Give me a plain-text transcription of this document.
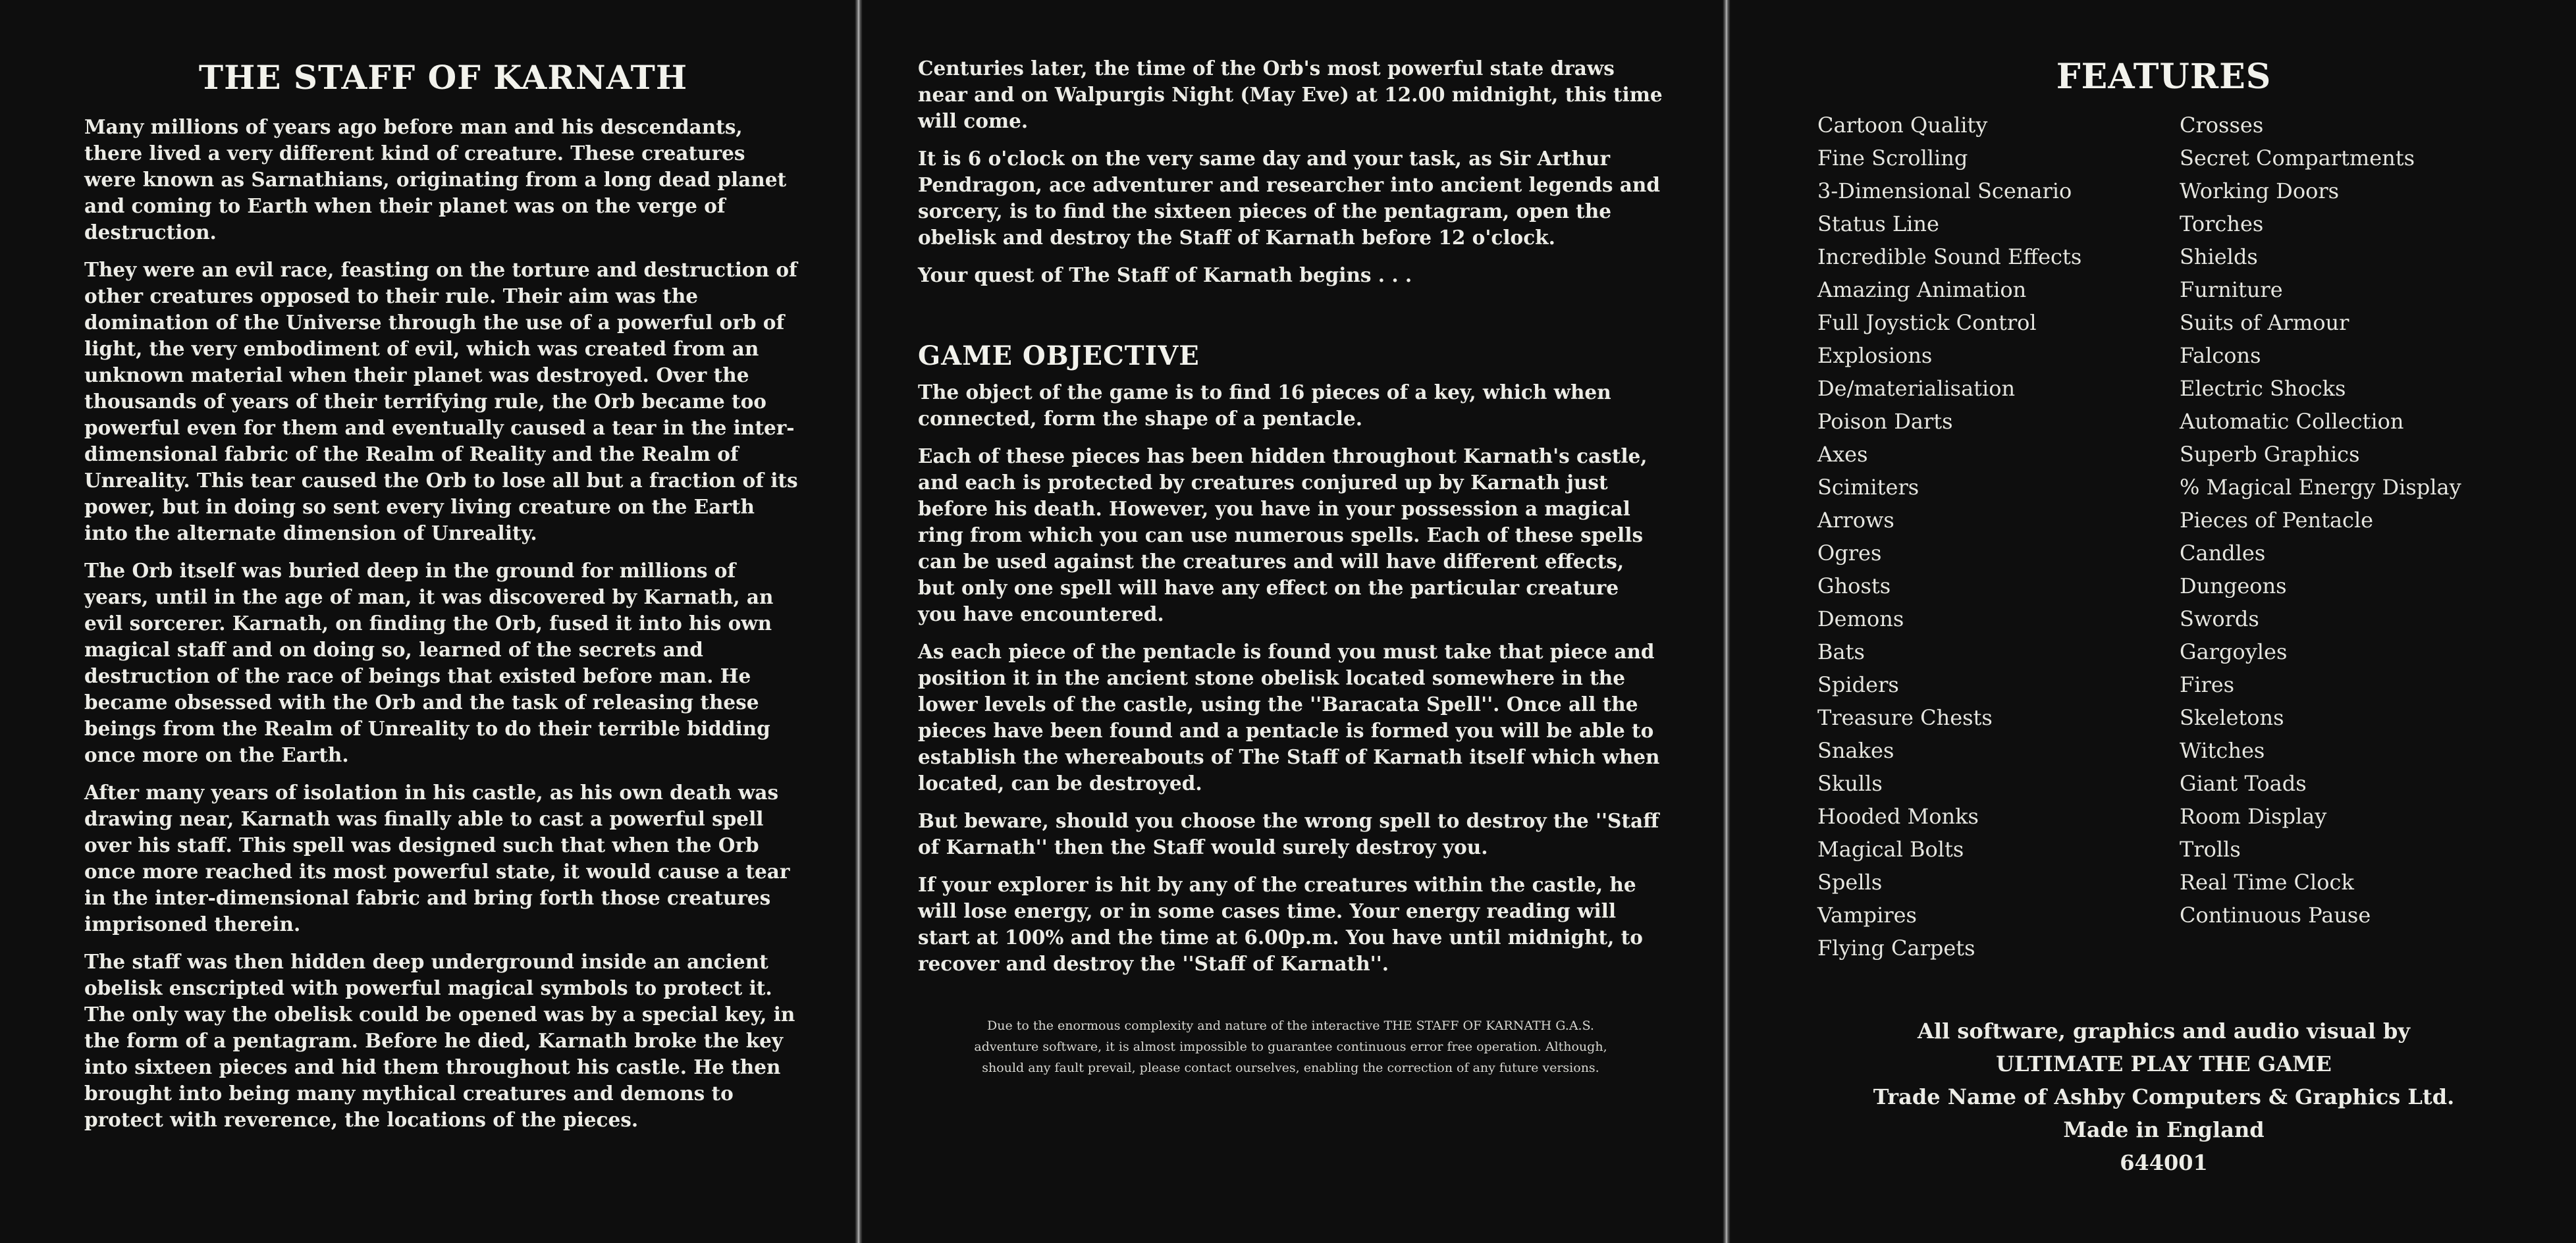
THE STAFF OF KARNATH

Many millions of years ago before man and his descendants, there lived a very different kind of creature. These creatures were known as Sarnathians, originating from a long dead planet and coming to Earth when their planet was on the verge of destruction.

They were an evil race, feasting on the torture and destruction of other creatures opposed to their rule. Their aim was the domination of the Universe through the use of a powerful orb of light, the very embodiment of evil, which was created from an unknown material when their planet was destroyed. Over the thousands of years of their terrifying rule, the Orb became too powerful even for them and eventually caused a tear in the inter-dimensional fabric of the Realm of Reality and the Realm of Unreality. This tear caused the Orb to lose all but a fraction of its power, but in doing so sent every living creature on the Earth into the alternate dimension of Unreality.

The Orb itself was buried deep in the ground for millions of years, until in the age of man, it was discovered by Karnath, an evil sorcerer. Karnath, on finding the Orb, fused it into his own magical staff and on doing so, learned of the secrets and destruction of the race of beings that existed before man. He became obsessed with the Orb and the task of releasing these beings from the Realm of Unreality to do their terrible bidding once more on the Earth.

After many years of isolation in his castle, as his own death was drawing near, Karnath was finally able to cast a powerful spell over his staff. This spell was designed such that when the Orb once more reached its most powerful state, it would cause a tear in the inter-dimensional fabric and bring forth those creatures imprisoned therein.

The staff was then hidden deep underground inside an ancient obelisk enscripted with powerful magical symbols to protect it. The only way the obelisk could be opened was by a special key, in the form of a pentagram. Before he died, Karnath broke the key into sixteen pieces and hid them throughout his castle. He then brought into being many mythical creatures and demons to protect with reverence, the locations of the pieces.

Centuries later, the time of the Orb's most powerful state draws near and on Walpurgis Night (May Eve) at 12.00 midnight, this time will come.

It is 6 o'clock on the very same day and your task, as Sir Arthur Pendragon, ace adventurer and researcher into ancient legends and sorcery, is to find the sixteen pieces of the pentagram, open the obelisk and destroy the Staff of Karnath before 12 o'clock.

Your quest of The Staff of Karnath begins . . .

GAME OBJECTIVE

The object of the game is to find 16 pieces of a key, which when connected, form the shape of a pentacle.

Each of these pieces has been hidden throughout Karnath's castle, and each is protected by creatures conjured up by Karnath just before his death. However, you have in your possession a magical ring from which you can use numerous spells. Each of these spells can be used against the creatures and will have different effects, but only one spell will have any effect on the particular creature you have encountered.

As each piece of the pentacle is found you must take that piece and position it in the ancient stone obelisk located somewhere in the lower levels of the castle, using the ''Baracata Spell''. Once all the pieces have been found and a pentacle is formed you will be able to establish the whereabouts of The Staff of Karnath itself which when located, can be destroyed.

But beware, should you choose the wrong spell to destroy the ''Staff of Karnath'' then the Staff would surely destroy you.

If your explorer is hit by any of the creatures within the castle, he will lose energy, or in some cases time. Your energy reading will start at 100% and the time at 6.00p.m. You have until midnight, to recover and destroy the ''Staff of Karnath''.

Due to the enormous complexity and nature of the interactive THE STAFF OF KARNATH G.A.S.
adventure software, it is almost impossible to guarantee continuous error free operation. Although,
should any fault prevail, please contact ourselves, enabling the correction of any future versions.
FEATURES
Cartoon Quality
Fine Scrolling
3-Dimensional Scenario
Status Line
Incredible Sound Effects
Amazing Animation
Full Joystick Control
Explosions
De/materialisation
Poison Darts
Axes
Scimiters
Arrows
Ogres
Ghosts
Demons
Bats
Spiders
Treasure Chests
Snakes
Skulls
Hooded Monks
Magical Bolts
Spells
Vampires
Flying Carpets
Crosses
Secret Compartments
Working Doors
Torches
Shields
Furniture
Suits of Armour
Falcons
Electric Shocks
Automatic Collection
Superb Graphics
% Magical Energy Display
Pieces of Pentacle
Candles
Dungeons
Swords
Gargoyles
Fires
Skeletons
Witches
Giant Toads
Room Display
Trolls
Real Time Clock
Continuous Pause
All software, graphics and audio visual by
ULTIMATE PLAY THE GAME
Trade Name of Ashby Computers & Graphics Ltd.
Made in England
644001
